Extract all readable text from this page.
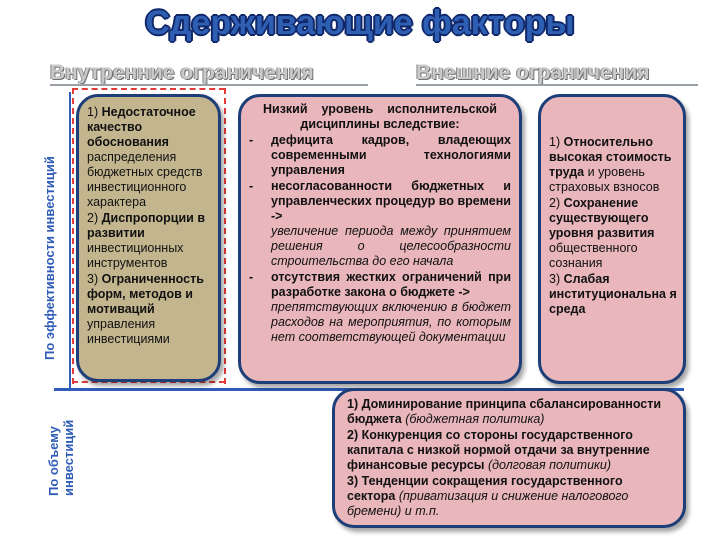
Сдерживающие факторы
Внутренние ограничения	Внешние ограничения
По эффективности инвестиций
По объему инвестиций
1) Недостаточное качество обоснования распределения бюджетных средств инвестиционного характера
2) Диспропорции в развитии инвестиционных инструментов
3) Ограниченность форм, методов и мотиваций управления инвестициями
Низкий уровень исполнительской дисциплины вследствие:
-	дефицита кадров, владеющих современными технологиями управления
-	несогласованности бюджетных и управленческих процедур во времени ->
увеличение периода между принятием решения о целесообразности строительства до его начала
-	отсутствия жестких ограничений при разработке закона о бюджете ->
препятствующих включению в бюджет расходов на мероприятия, по которым нет соответствующей документации
1) Относительно высокая стоимость труда и уровень страховых взносов
2) Сохранение существующего уровня развития общественного сознания
3) Слабая институциональна я среда
1) Доминирование принципа сбалансированности бюджета (бюджетная политика)
2) Конкуренция со стороны государственного капитала с низкой нормой отдачи за внутренние финансовые ресурсы (долговая политики)
3) Тенденции сокращения государственного сектора (приватизация и снижение налогового бремени) и т.п.
